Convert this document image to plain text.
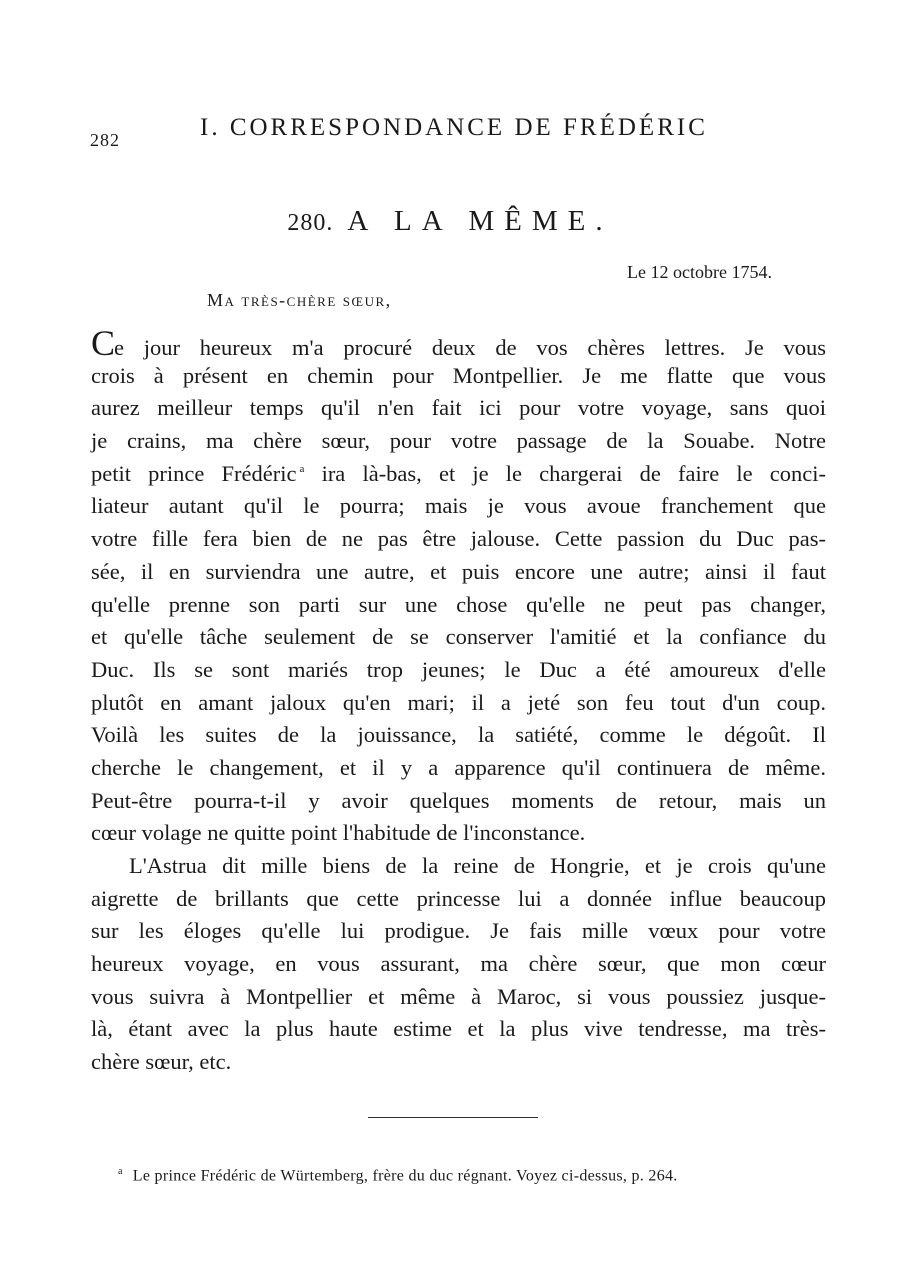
282	I. CORRESPONDANCE DE FRÉDÉRIC
280. A LA MÊME.
Le 12 octobre 1754.
Ma très-chère sœur,
Ce jour heureux m'a procuré deux de vos chères lettres. Je vous
crois à présent en chemin pour Montpellier. Je me flatte que vous
aurez meilleur temps qu'il n'en fait ici pour votre voyage, sans quoi
je crains, ma chère sœur, pour votre passage de la Souabe. Notre
petit prince Frédéric $^a$ ira là-bas, et je le chargerai de faire le conci-
liateur autant qu'il le pourra; mais je vous avoue franchement que
votre fille fera bien de ne pas être jalouse. Cette passion du Duc pas-
sée, il en surviendra une autre, et puis encore une autre; ainsi il faut
qu'elle prenne son parti sur une chose qu'elle ne peut pas changer,
et qu'elle tâche seulement de se conserver l'amitié et la confiance du
Duc. Ils se sont mariés trop jeunes; le Duc a été amoureux d'elle
plutôt en amant jaloux qu'en mari; il a jeté son feu tout d'un coup.
Voilà les suites de la jouissance, la satiété, comme le dégoût. Il
cherche le changement, et il y a apparence qu'il continuera de même.
Peut-être pourra-t-il y avoir quelques moments de retour, mais un
cœur volage ne quitte point l'habitude de l'inconstance.
L'Astrua dit mille biens de la reine de Hongrie, et je crois qu'une
aigrette de brillants que cette princesse lui a donnée influe beaucoup
sur les éloges qu'elle lui prodigue. Je fais mille vœux pour votre
heureux voyage, en vous assurant, ma chère sœur, que mon cœur
vous suivra à Montpellier et même à Maroc, si vous poussiez jusque-
là, étant avec la plus haute estime et la plus vive tendresse, ma très-
chère sœur, etc.
$^a$ Le prince Frédéric de Würtemberg, frère du duc régnant. Voyez ci-dessus, p. 264.
